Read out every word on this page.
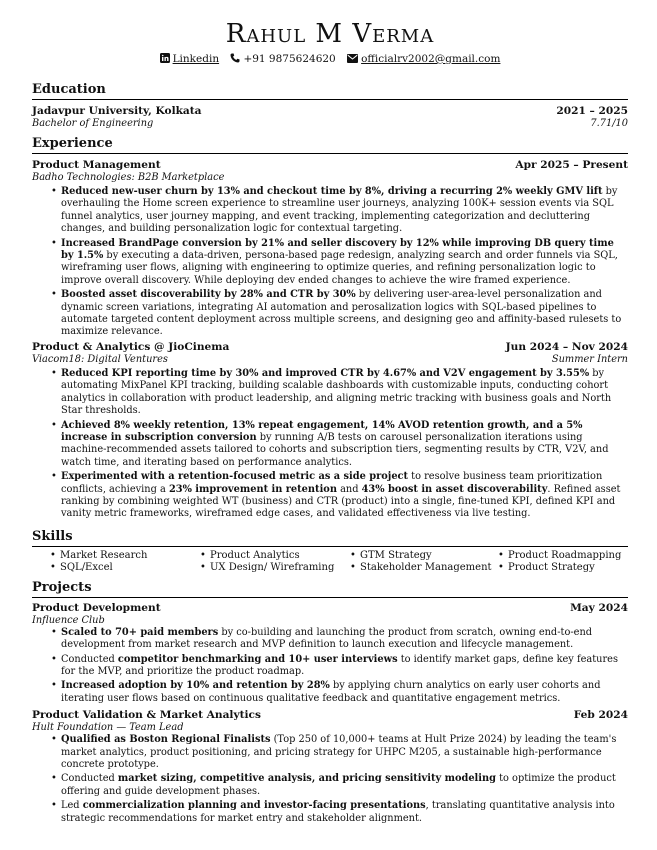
Rahul M Verma
Linkedin +91 9875624620 officialrv2002@gmail.com
Education
Jadavpur University, Kolkata	2021 – 2025
Bachelor of Engineering	7.71/10
Experience
Product Management	Apr 2025 – Present
Badho Technologies: B2B Marketplace
• Reduced new-user churn by 13% and checkout time by 8%, driving a recurring 2% weekly GMV lift by overhauling the Home screen experience to streamline user journeys, analyzing 100K+ session events via SQL funnel analytics, user journey mapping, and event tracking, implementing categorization and decluttering changes, and building personalization logic for contextual targeting.
• Increased BrandPage conversion by 21% and seller discovery by 12% while improving DB query time by 1.5% by executing a data-driven, persona-based page redesign, analyzing search and order funnels via SQL, wireframing user flows, aligning with engineering to optimize queries, and refining personalization logic to improve overall discovery. While deploying dev ended changes to achieve the wire framed experience.
• Boosted asset discoverability by 28% and CTR by 30% by delivering user-area-level personalization and dynamic screen variations, integrating AI automation and perosalization logics with SQL-based pipelines to automate targeted content deployment across multiple screens, and designing geo and affinity-based rulesets to maximize relevance.
Product & Analytics @ JioCinema	Jun 2024 – Nov 2024
Viacom18: Digital Ventures	Summer Intern
• Reduced KPI reporting time by 30% and improved CTR by 4.67% and V2V engagement by 3.55% by automating MixPanel KPI tracking, building scalable dashboards with customizable inputs, conducting cohort analytics in collaboration with product leadership, and aligning metric tracking with business goals and North Star thresholds.
• Achieved 8% weekly retention, 13% repeat engagement, 14% AVOD retention growth, and a 5% increase in subscription conversion by running A/B tests on carousel personalization iterations using machine-recommended assets tailored to cohorts and subscription tiers, segmenting results by CTR, V2V, and watch time, and iterating based on performance analytics.
• Experimented with a retention-focused metric as a side project to resolve business team prioritization conflicts, achieving a 23% improvement in retention and 43% boost in asset discoverability. Refined asset ranking by combining weighted WT (business) and CTR (product) into a single, fine-tuned KPI, defined KPI and vanity metric frameworks, wireframed edge cases, and validated effectiveness via live testing.
Skills
• Market Research	• Product Analytics	• GTM Strategy	• Product Roadmapping
• SQL/Excel	• UX Design/ Wireframing	• Stakeholder Management	• Product Strategy
Projects
Product Development	May 2024
Influence Club
• Scaled to 70+ paid members by co-building and launching the product from scratch, owning end-to-end development from market research and MVP definition to launch execution and lifecycle management.
• Conducted competitor benchmarking and 10+ user interviews to identify market gaps, define key features for the MVP, and prioritize the product roadmap.
• Increased adoption by 10% and retention by 28% by applying churn analytics on early user cohorts and iterating user flows based on continuous qualitative feedback and quantitative engagement metrics.
Product Validation & Market Analytics	Feb 2024
Hult Foundation — Team Lead
• Qualified as Boston Regional Finalists (Top 250 of 10,000+ teams at Hult Prize 2024) by leading the team's market analytics, product positioning, and pricing strategy for UHPC M205, a sustainable high-performance concrete prototype.
• Conducted market sizing, competitive analysis, and pricing sensitivity modeling to optimize the product offering and guide development phases.
• Led commercialization planning and investor-facing presentations, translating quantitative analysis into strategic recommendations for market entry and stakeholder alignment.
